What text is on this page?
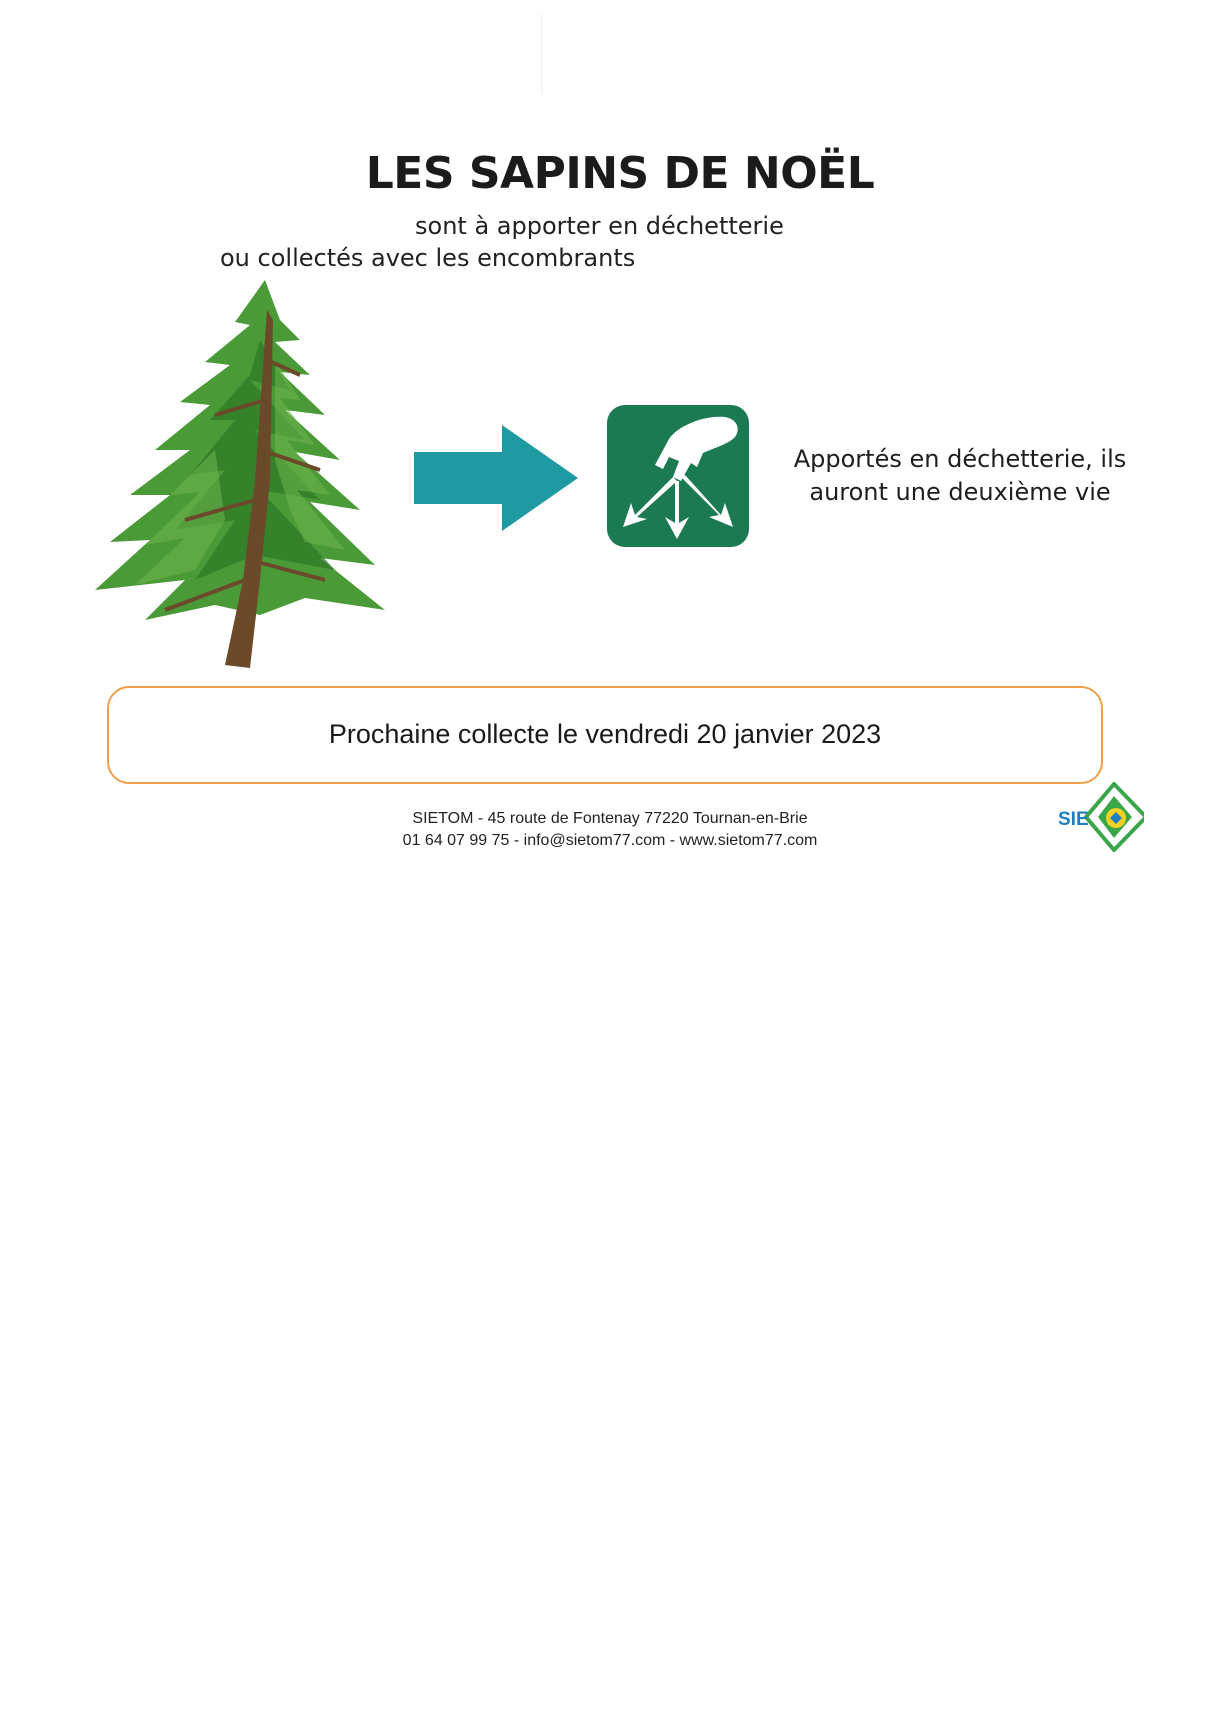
LES SAPINS DE NOËL
sont à apporter en déchetterie
ou collectés avec les encombrants
Apportés en déchetterie, ils auront une deuxième vie
Prochaine collecte le vendredi 20 janvier 2023
SIETOM - 45 route de Fontenay 77220 Tournan-en-Brie
01 64 07 99 75 - info@sietom77.com - www.sietom77.com
SIE
